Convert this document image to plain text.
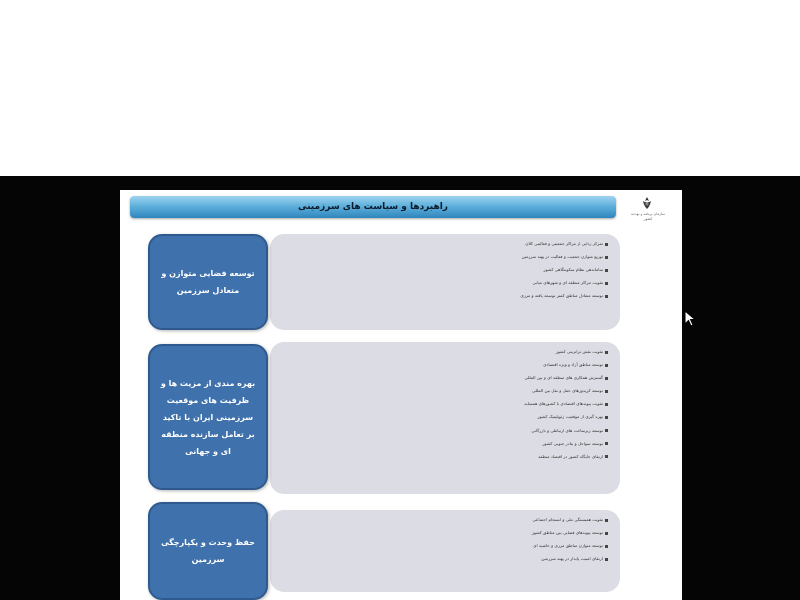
راهبردها و سیاست های سرزمینی
سازمان برنامه و بودجه کشور
تمرکز زدایی از مراکز جمعیتی و فعالیتی کلان
توزیع متوازن جمعیت و فعالیت در پهنه سرزمین
ساماندهی نظام سکونتگاهی کشور
تقویت مراکز منطقه ای و شهرهای میانی
توسعه متعادل مناطق کمتر توسعه یافته و مرزی
توسعه فضایی متوازن و متعادل سرزمین
تقویت نقش ترانزیتی کشور
توسعه مناطق آزاد و ویژه اقتصادی
گسترش همکاری های منطقه ای و بین المللی
توسعه کریدورهای حمل و نقل بین المللی
تقویت پیوندهای اقتصادی با کشورهای همسایه
بهره گیری از موقعیت ژئوپلیتیک کشور
توسعه زیرساخت های ارتباطی و بازرگانی
توسعه سواحل و بنادر جنوبی کشور
ارتقای جایگاه کشور در اقتصاد منطقه
بهره مندی از مزیت ها و ظرفیت های موقعیت سرزمینی ایران با تاکید بر تعامل سازنده منطقه ای و جهانی
تقویت همبستگی ملی و انسجام اجتماعی
توسعه پیوندهای فضایی بین مناطق کشور
توسعه متوازن مناطق مرزی و حاشیه ای
ارتقای امنیت پایدار در پهنه سرزمین
حفظ وحدت و یکپارچگی سرزمین
